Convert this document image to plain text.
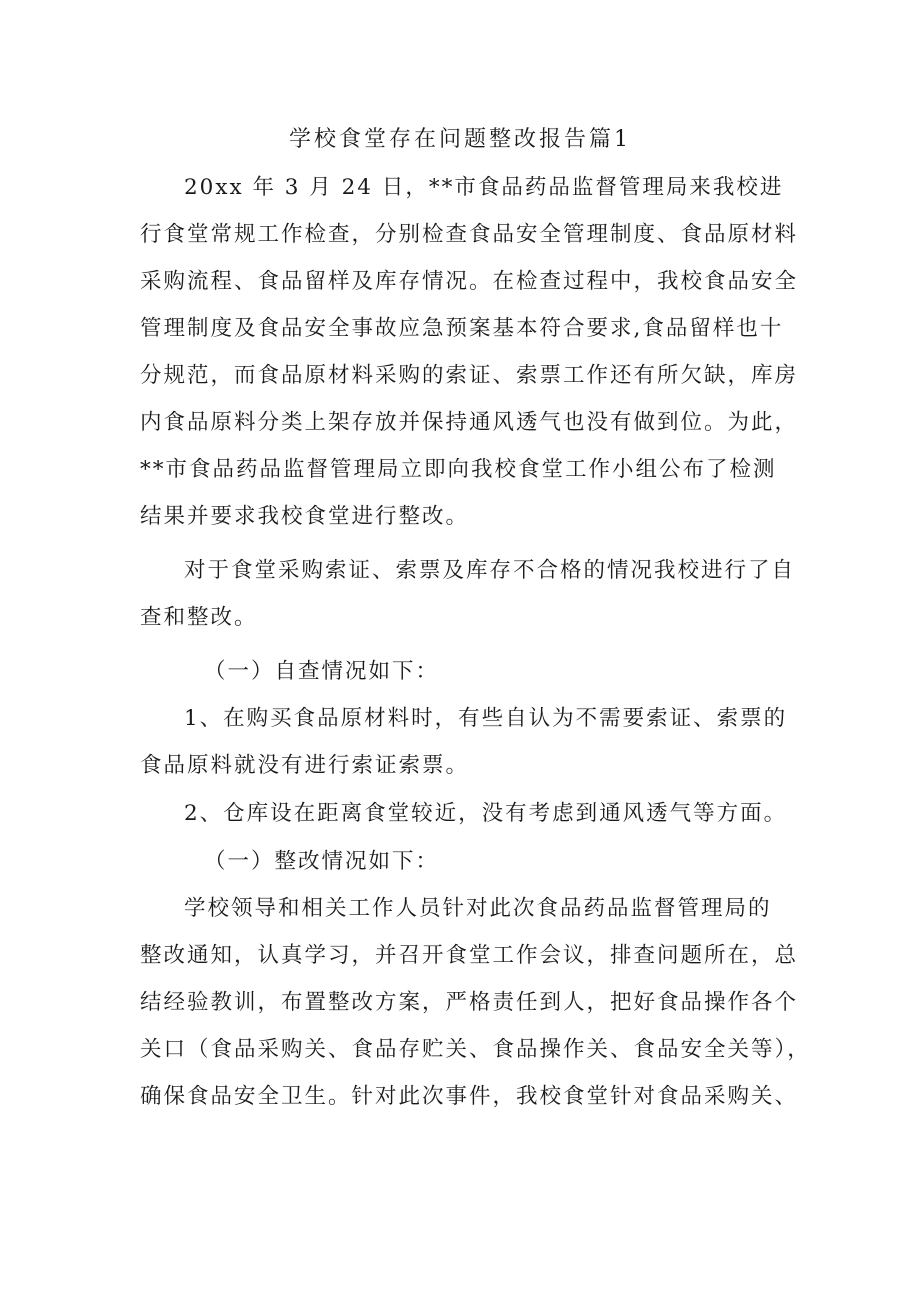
学校食堂存在问题整改报告篇1
20xx 年 3 月 24 日，**市食品药品监督管理局来我校进
行食堂常规工作检查，分别检查食品安全管理制度、食品原材料
采购流程、食品留样及库存情况。在检查过程中，我校食品安全
管理制度及食品安全事故应急预案基本符合要求,食品留样也十
分规范，而食品原材料采购的索证、索票工作还有所欠缺，库房
内食品原料分类上架存放并保持通风透气也没有做到位。为此，
**市食品药品监督管理局立即向我校食堂工作小组公布了检测
结果并要求我校食堂进行整改。
对于食堂采购索证、索票及库存不合格的情况我校进行了自
查和整改。
（一）自查情况如下：
1、在购买食品原材料时，有些自认为不需要索证、索票的
食品原料就没有进行索证索票。
2、仓库设在距离食堂较近，没有考虑到通风透气等方面。
（一）整改情况如下：
学校领导和相关工作人员针对此次食品药品监督管理局的
整改通知，认真学习，并召开食堂工作会议，排查问题所在，总
结经验教训，布置整改方案，严格责任到人，把好食品操作各个
关口（食品采购关、食品存贮关、食品操作关、食品安全关等），
确保食品安全卫生。针对此次事件，我校食堂针对食品采购关、
